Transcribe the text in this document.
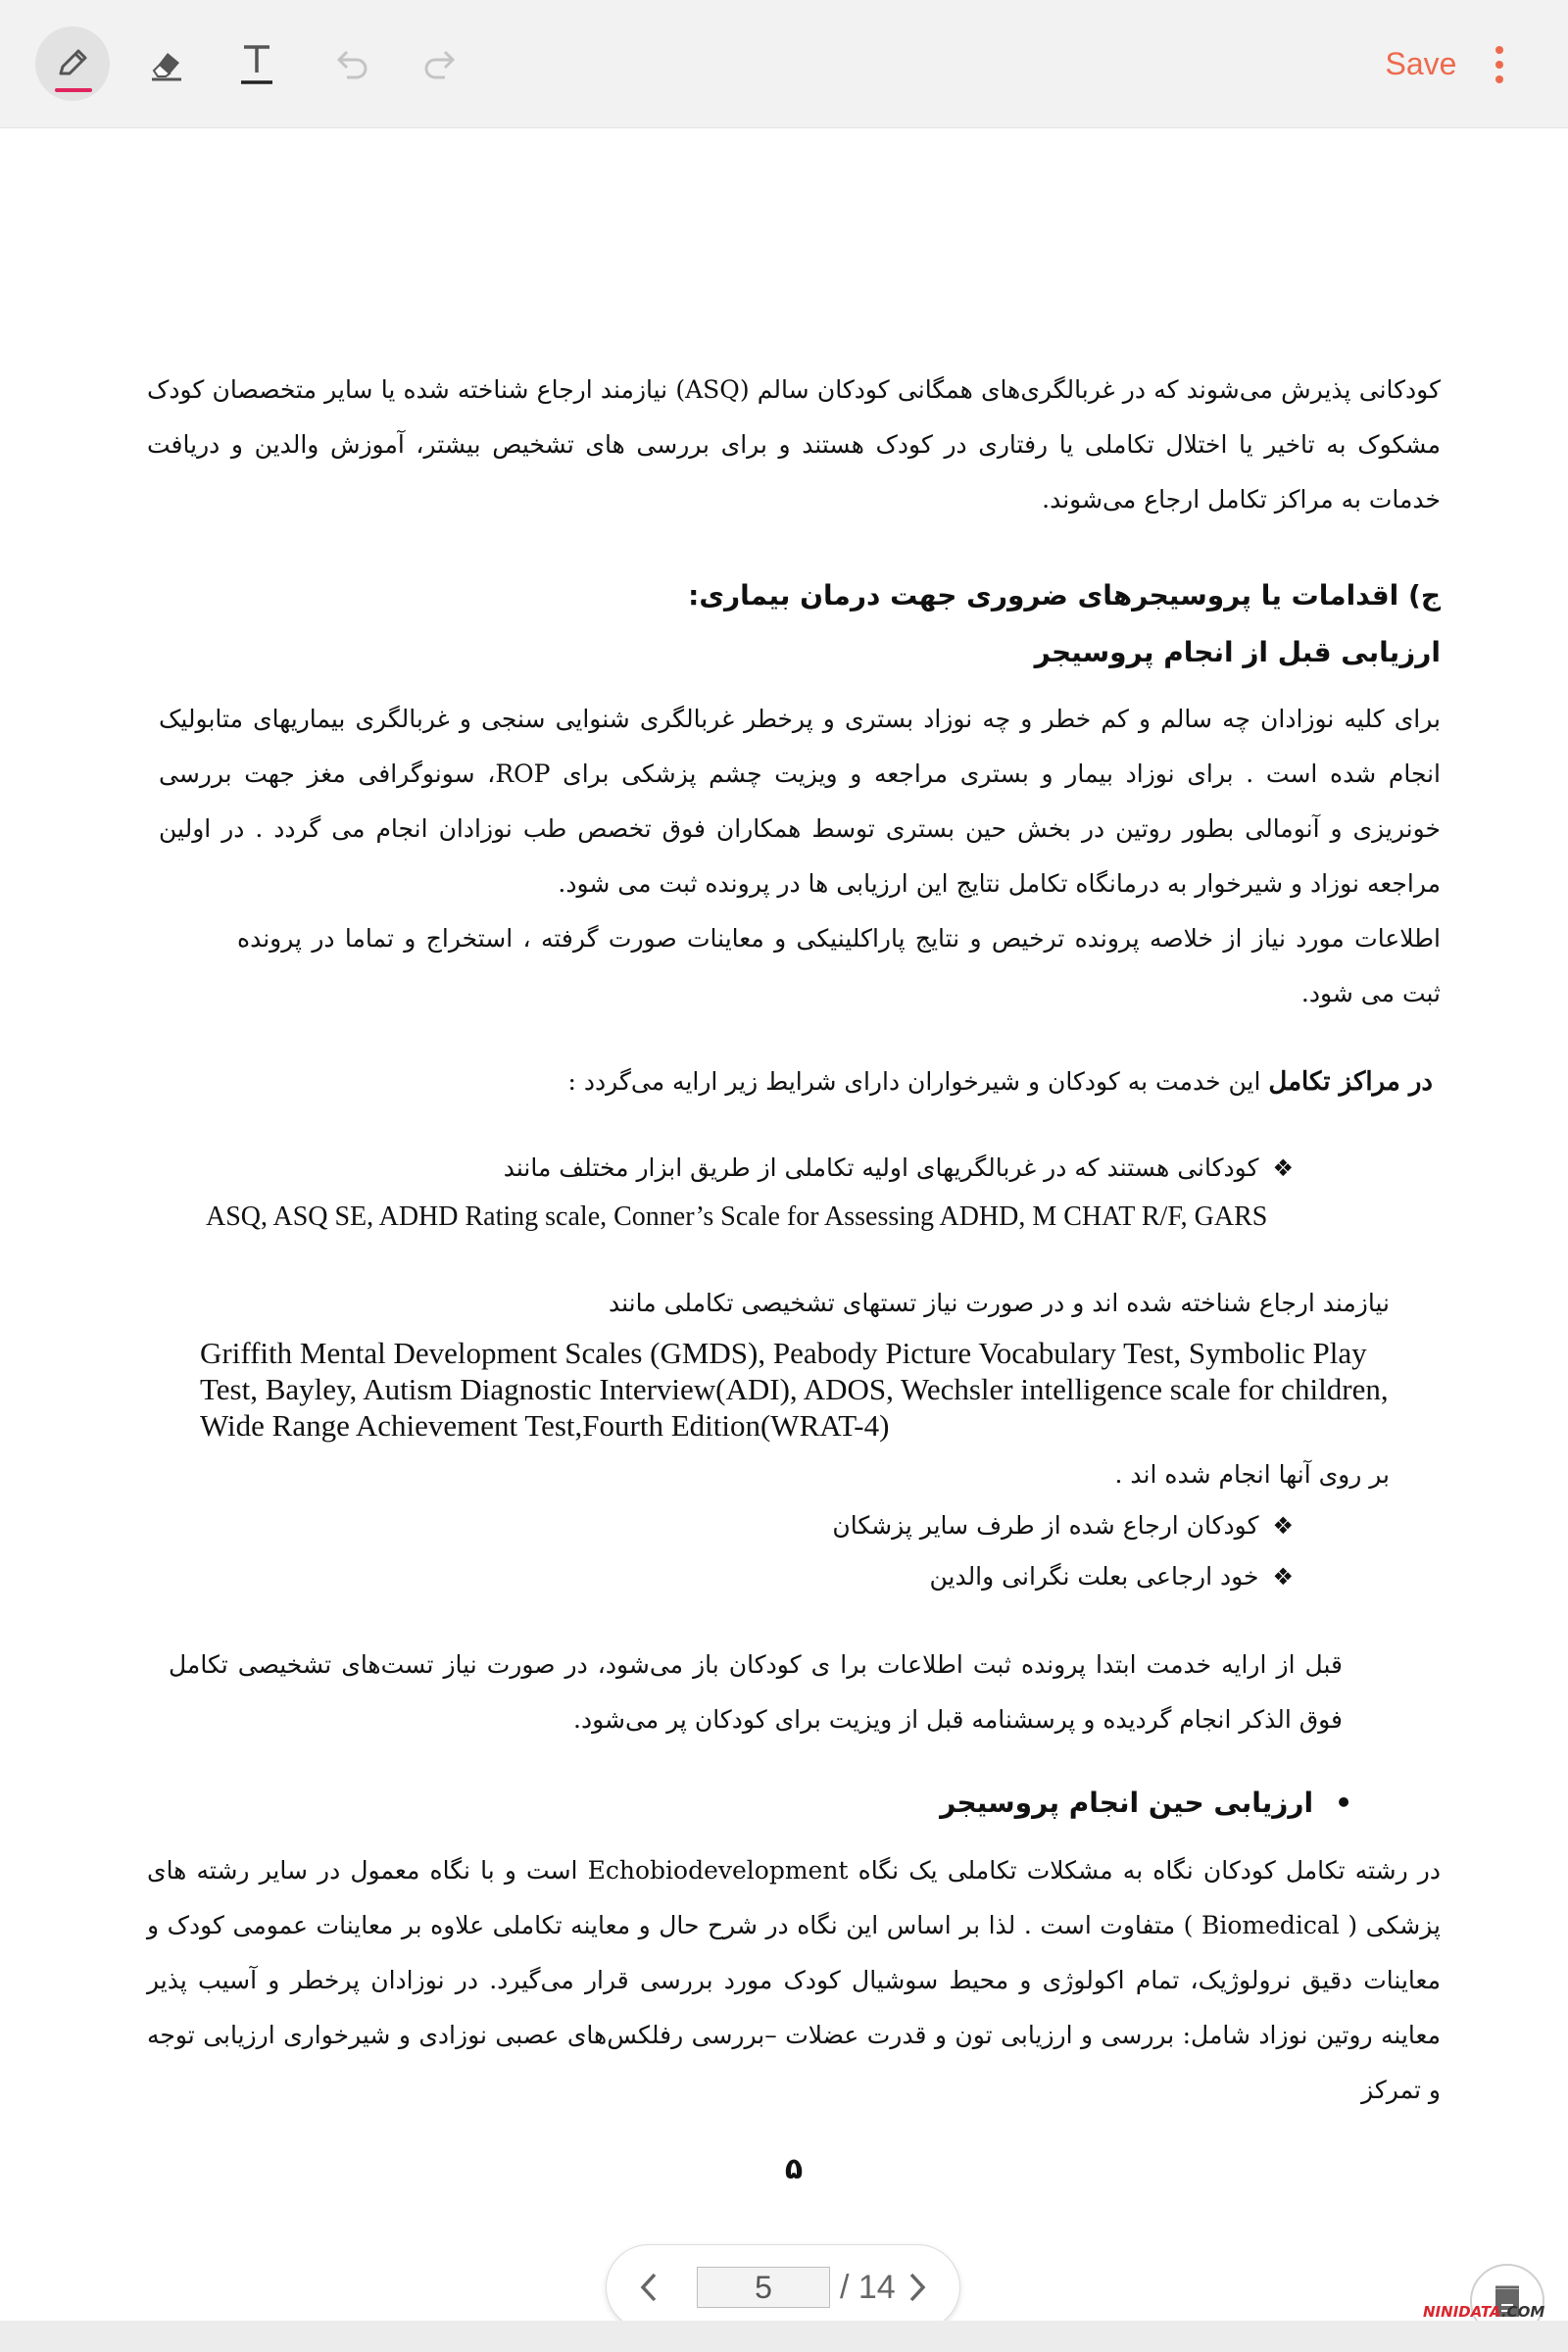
Save

کودکانی پذیرش می‌شوند که در غربالگری‌های همگانی کودکان سالم (ASQ) نیازمند ارجاع شناخته شده یا سایر متخصصان کودک مشکوک به تاخیر یا اختلال تکاملی یا رفتاری در کودک هستند و برای بررسی های تشخیص بیشتر، آموزش والدین و دریافت خدمات به مراکز تکامل ارجاع می‌شوند.

ج) اقدامات یا پروسیجرهای ضروری جهت درمان بیماری:
ارزیابی قبل از انجام پروسیجر

برای کلیه نوزادان چه سالم و کم خطر و چه نوزاد بستری و پرخطر غربالگری شنوایی سنجی و غربالگری بیماریهای متابولیک انجام شده است . برای نوزاد بیمار و بستری مراجعه و ویزیت چشم پزشکی برای ROP، سونوگرافی مغز جهت بررسی خونریزی و آنومالی بطور روتین در بخش حین بستری توسط همکاران فوق تخصص طب نوزادان انجام می گردد . در اولین مراجعه نوزاد و شیرخوار به درمانگاه تکامل نتایج این ارزیابی ها در پرونده ثبت می شود.

اطلاعات مورد نیاز از خلاصه پرونده ترخیص و نتایج پاراکلینیکی و معاینات صورت گرفته ، استخراج و تماما در پرونده ثبت می شود.

در مراکز تکامل این خدمت به کودکان و شیرخواران دارای شرایط زیر ارایه می‌گردد :

❖
کودکانی هستند که در غربالگریهای اولیه تکاملی از طریق ابزار مختلف مانند
ASQ, ASQ SE, ADHD Rating scale, Conner’s Scale for Assessing ADHD, M CHAT R/F, GARS

نیازمند ارجاع شناخته شده اند و در صورت نیاز تستهای تشخیصی تکاملی مانند

Griffith Mental Development Scales (GMDS), Peabody Picture Vocabulary Test, Symbolic Play Test, Bayley, Autism Diagnostic Interview(ADI), ADOS, Wechsler intelligence scale for children, Wide Range Achievement Test,Fourth Edition(WRAT-4)

بر روی آنها انجام شده اند .

❖
کودکان ارجاع شده از طرف سایر پزشکان
❖
خود ارجاعی بعلت نگرانی والدین

قبل از ارایه خدمت ابتدا پرونده ثبت اطلاعات برا ی کودکان باز می‌شود، در صورت نیاز تست‌های تشخیصی تکامل فوق الذکر انجام گردیده و پرسشنامه قبل از ویزیت برای کودکان پر می‌شود.

•ارزیابی حین انجام پروسیجر

در رشته تکامل کودکان نگاه به مشکلات تکاملی یک نگاه Echobiodevelopment است و با نگاه معمول در سایر رشته های پزشکی ( Biomedical ) متفاوت است . لذا بر اساس این نگاه در شرح حال و معاینه تکاملی علاوه بر معاینات عمومی کودک و معاینات دقیق نرولوژیک، تمام اکولوژی و محیط سوشیال کودک مورد بررسی قرار می‌گیرد. در نوزادان پرخطر و آسیب پذیر معاینه روتین نوزاد شامل: بررسی و ارزیابی تون و قدرت عضلات –بررسی رفلکس‌های عصبی نوزادی و شیرخواری ارزیابی توجه و تمرکز

۵
5
/ 14
NINIDATA.COM
